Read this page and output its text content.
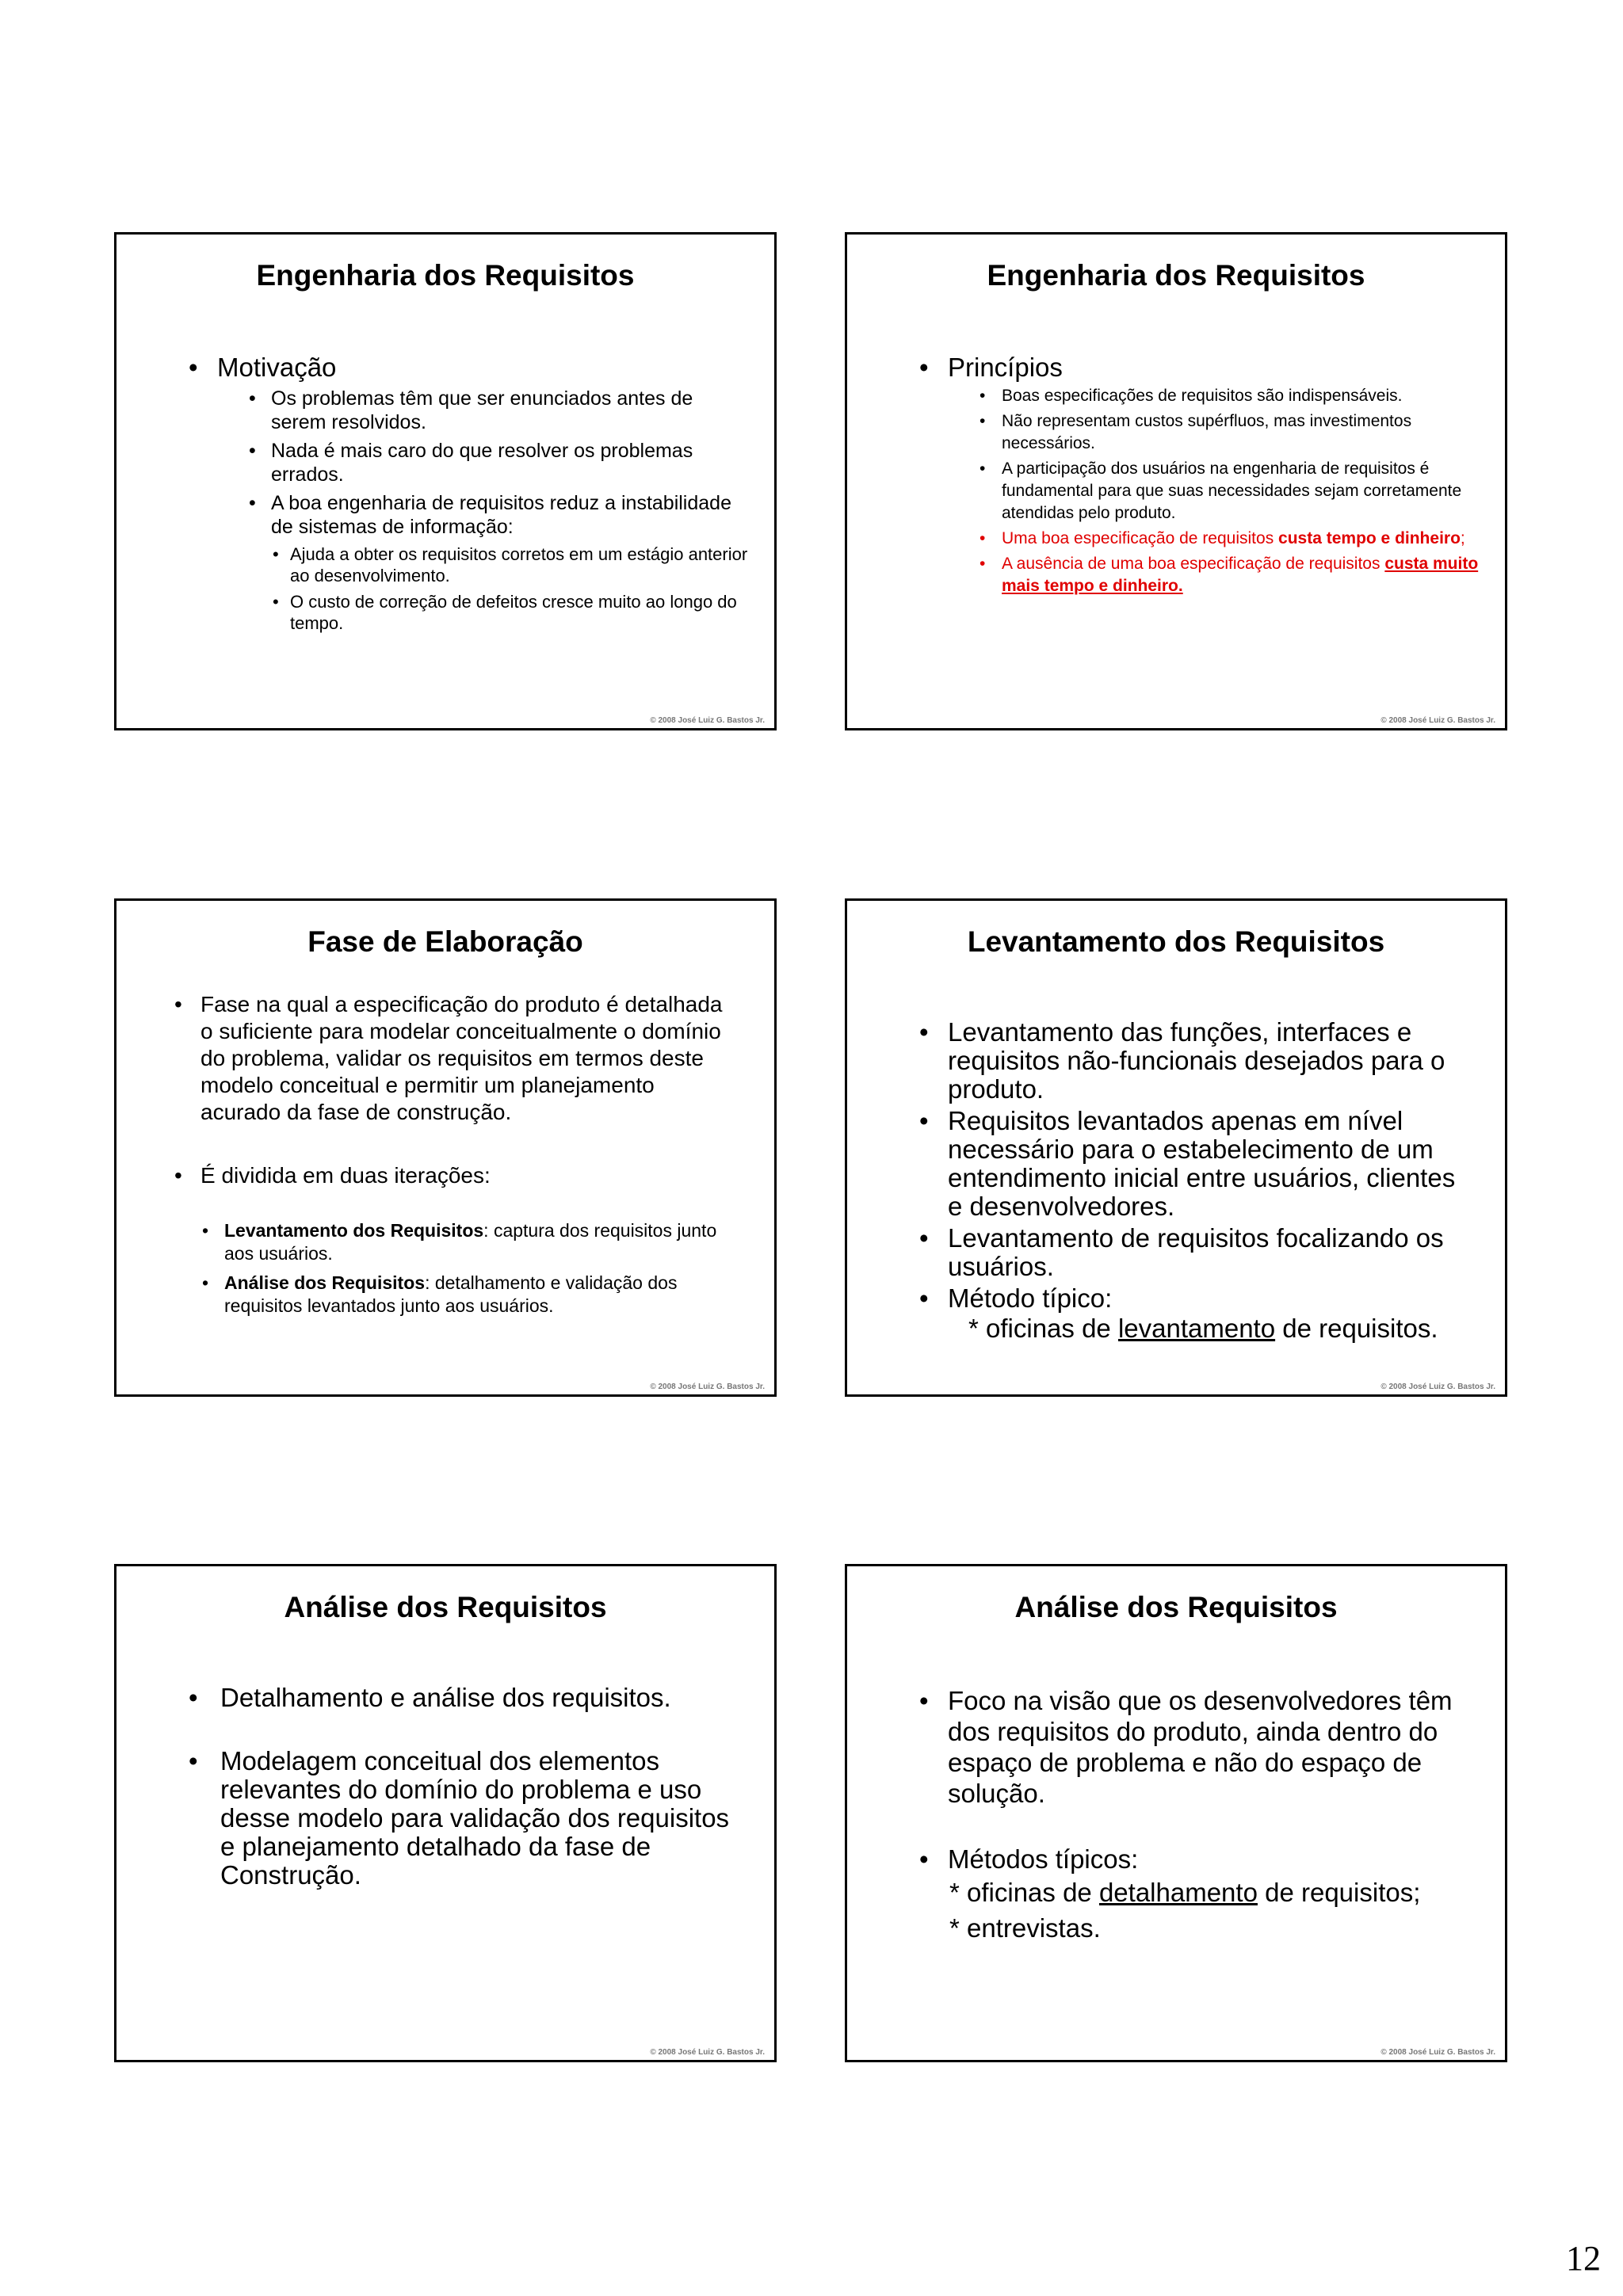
Engenharia dos Requisitos
• Motivação
• Os problemas têm que ser enunciados antes de serem resolvidos.
• Nada é mais caro do que resolver os problemas errados.
• A boa engenharia de requisitos reduz a instabilidade de sistemas de informação:
• Ajuda a obter os requisitos corretos em um estágio anterior ao desenvolvimento.
• O custo de correção de defeitos cresce muito ao longo do tempo.
© 2008 José Luiz G. Bastos Jr.
Engenharia dos Requisitos
• Princípios
• Boas especificações de requisitos são indispensáveis.
• Não representam custos supérfluos, mas investimentos necessários.
• A participação dos usuários na engenharia de requisitos é fundamental para que suas necessidades sejam corretamente atendidas pelo produto.
• Uma boa especificação de requisitos custa tempo e dinheiro;
• A ausência de uma boa especificação de requisitos custa muito mais tempo e dinheiro.
© 2008 José Luiz G. Bastos Jr.
Fase de Elaboração
• Fase na qual a especificação do produto é detalhada o suficiente para modelar conceitualmente o domínio do problema, validar os requisitos em termos deste modelo conceitual e permitir um planejamento acurado da fase de construção.
• É dividida em duas iterações:
• Levantamento dos Requisitos: captura dos requisitos junto aos usuários.
• Análise dos Requisitos: detalhamento e validação dos requisitos levantados junto aos usuários.
© 2008 José Luiz G. Bastos Jr.
Levantamento dos Requisitos
• Levantamento das funções, interfaces e requisitos não-funcionais desejados para o produto.
• Requisitos levantados apenas em nível necessário para o estabelecimento de um entendimento inicial entre usuários, clientes e desenvolvedores.
• Levantamento de requisitos focalizando os usuários.
• Método típico:
* oficinas de levantamento de requisitos.
© 2008 José Luiz G. Bastos Jr.
Análise dos Requisitos
• Detalhamento e análise dos requisitos.
• Modelagem conceitual dos elementos relevantes do domínio do problema e uso desse modelo para validação dos requisitos e planejamento detalhado da fase de Construção.
© 2008 José Luiz G. Bastos Jr.
Análise dos Requisitos
• Foco na visão que os desenvolvedores têm dos requisitos do produto, ainda dentro do espaço de problema e não do espaço de solução.
• Métodos típicos:
* oficinas de detalhamento de requisitos;
* entrevistas.
© 2008 José Luiz G. Bastos Jr.
12
